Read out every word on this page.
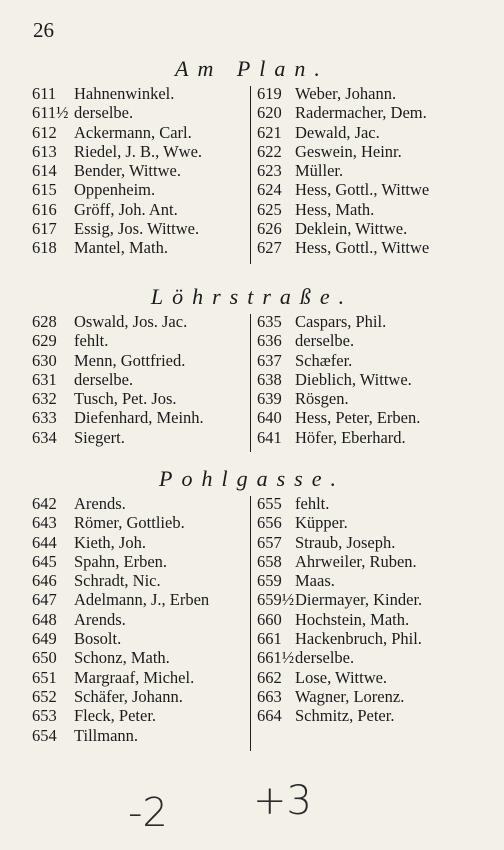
26
Am Plan.
611 Hahnenwinkel.
611½ derselbe.
612 Ackermann, Carl.
613 Riedel, J. B., Wwe.
614 Bender, Wittwe.
615 Oppenheim.
616 Gröff, Joh. Ant.
617 Essig, Jos. Wittwe.
618 Mantel, Math.
619 Weber, Johann.
620 Radermacher, Dem.
621 Dewald, Jac.
622 Geswein, Heinr.
623 Müller.
624 Hess, Gottl., Wittwe
625 Hess, Math.
626 Deklein, Wittwe.
627 Hess, Gottl., Wittwe
Löhrstraße.
628 Oswald, Jos. Jac.
629 fehlt.
630 Menn, Gottfried.
631 derselbe.
632 Tusch, Pet. Jos.
633 Diefenhard, Meinh.
634 Siegert.
635 Caspars, Phil.
636 derselbe.
637 Schæfer.
638 Dieblich, Wittwe.
639 Rösgen.
640 Hess, Peter, Erben.
641 Höfer, Eberhard.
Pohlgasse.
642 Arends.
643 Römer, Gottlieb.
644 Kieth, Joh.
645 Spahn, Erben.
646 Schradt, Nic.
647 Adelmann, J., Erben
648 Arends.
649 Bosolt.
650 Schonz, Math.
651 Margraaf, Michel.
652 Schäfer, Johann.
653 Fleck, Peter.
654 Tillmann.
655 fehlt.
656 Küpper.
657 Straub, Joseph.
658 Ahrweiler, Ruben.
659 Maas.
659½Diermayer, Kinder.
660 Hochstein, Math.
661 Hackenbruch, Phil.
661½derselbe.
662 Lose, Wittwe.
663 Wagner, Lorenz.
664 Schmitz, Peter.
-2 +3
